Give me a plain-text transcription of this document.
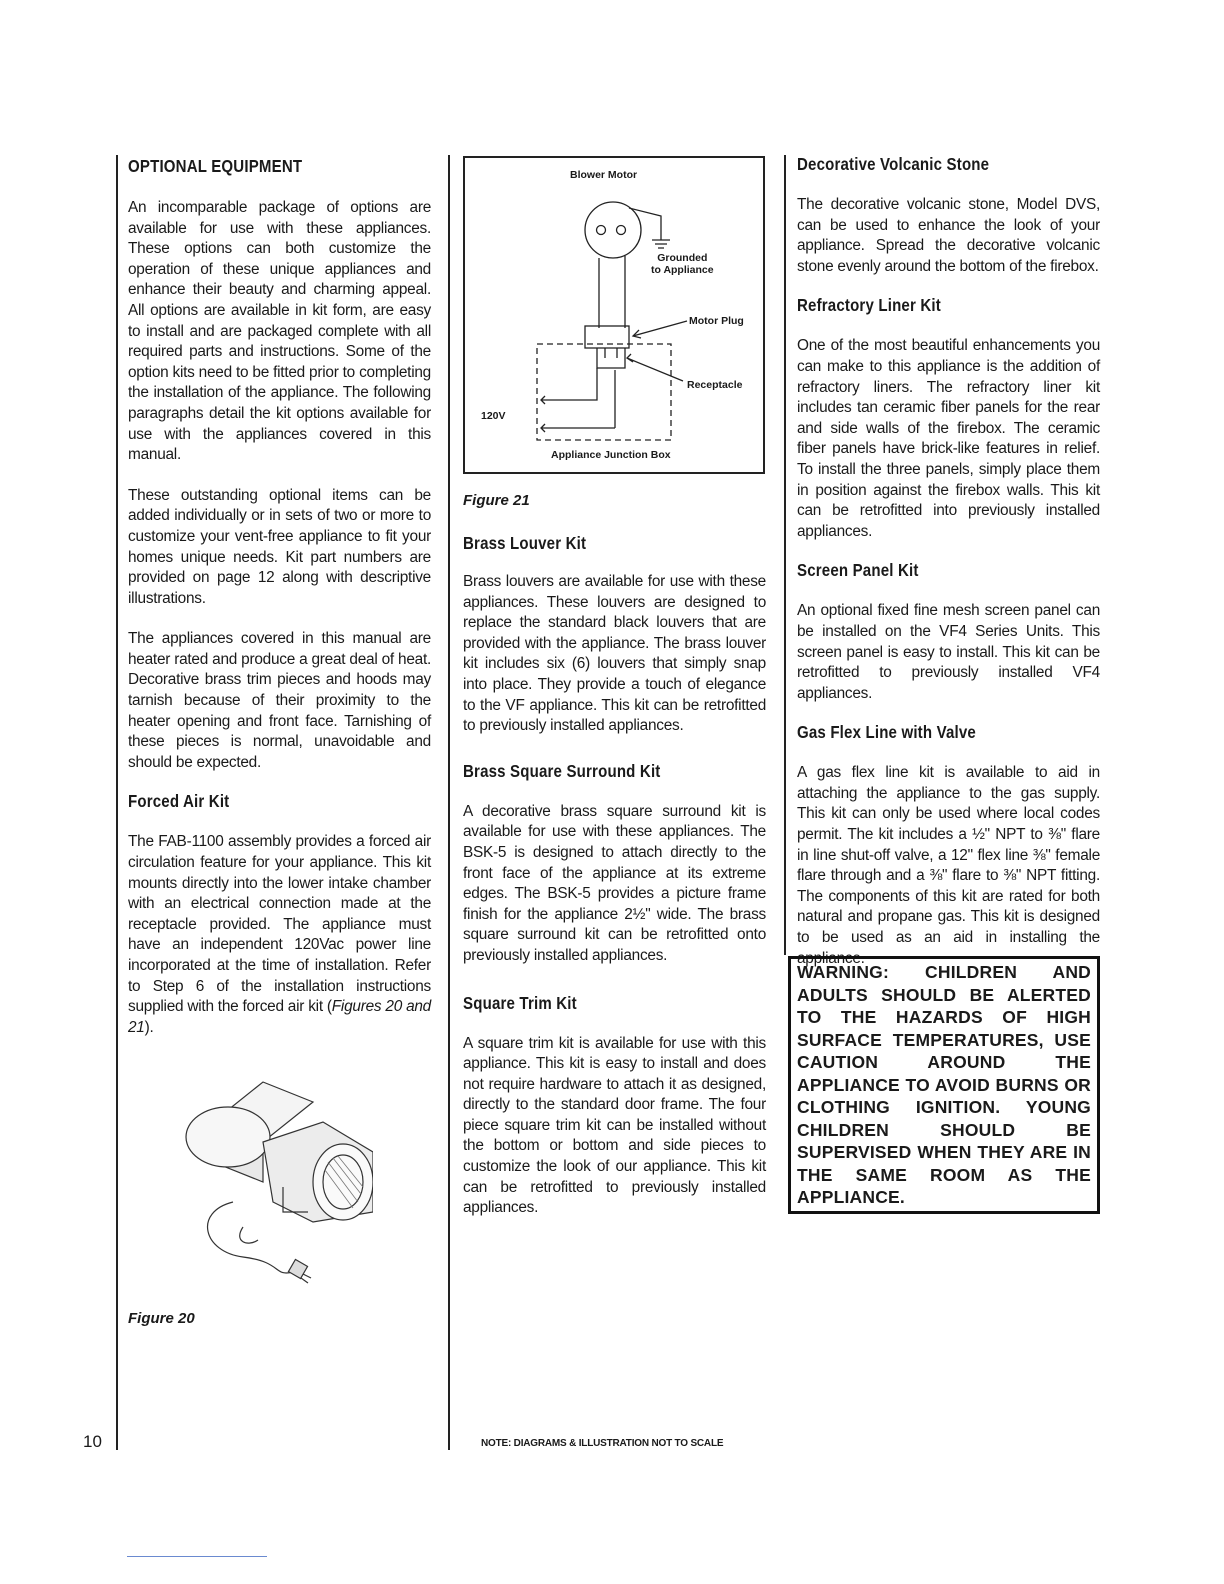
OPTIONAL EQUIPMENT

An incomparable package of options are available for use with these appliances. These options can both customize the operation of these unique appliances and enhance their beauty and charming appeal. All options are available in kit form, are easy to install and are packaged complete with all required parts and instructions. Some of the option kits need to be fitted prior to completing the installation of the appliance. The following paragraphs detail the kit options available for use with the appliances covered in this manual.

These outstanding optional items can be added individually or in sets of two or more to customize your vent-free appliance to fit your homes unique needs. Kit part numbers are provided on page 12 along with descriptive illustrations.

The appliances covered in this manual are heater rated and produce a great deal of heat. Decorative brass trim pieces and hoods may tarnish because of their proximity to the heater opening and front face. Tarnishing of these pieces is normal, unavoidable and should be expected.

Forced Air Kit

The FAB-1100 assembly provides a forced air circulation feature for your appliance. This kit mounts directly into the lower intake chamber with an electrical connection made at the receptacle provided. The appliance must have an independent 120Vac power line incorporated at the time of installation. Refer to Step 6 of the installation instructions supplied with the forced air kit (Figures 20 and 21).

Figure 20

Blower Motor
Grounded
to Appliance
Motor Plug
Receptacle
120V
Appliance Junction Box

Figure 21

Brass Louver Kit

Brass louvers are available for use with these appliances. These louvers are designed to replace the standard black louvers that are provided with the appliance. The brass louver kit includes six (6) louvers that simply snap into place. They provide a touch of elegance to the VF appliance. This kit can be retrofitted to previously installed appliances.

Brass Square Surround Kit

A decorative brass square surround kit is available for use with these appliances. The BSK-5 is designed to attach directly to the front face of the appliance at its extreme edges. The BSK-5 provides a picture frame finish for the appliance 2½" wide. The brass square surround kit can be retrofitted onto previously installed appliances.

Square Trim Kit

A square trim kit is available for use with this appliance. This kit is easy to install and does not require hardware to attach it as designed, directly to the standard door frame. The four piece square trim kit can be installed without the bottom or bottom and side pieces to customize the look of our appliance. This kit can be retrofitted to previously installed appliances.

Decorative Volcanic Stone

The decorative volcanic stone, Model DVS, can be used to enhance the look of your appliance. Spread the decorative volcanic stone evenly around the bottom of the firebox.

Refractory Liner Kit

One of the most beautiful enhancements you can make to this appliance is the addition of refractory liners. The refractory liner kit includes tan ceramic fiber panels for the rear and side walls of the firebox. The ceramic fiber panels have brick-like features in relief. To install the three panels, simply place them in position against the firebox walls. This kit can be retrofitted into previously installed appliances.

Screen Panel Kit

An optional fixed fine mesh screen panel can be installed on the VF4 Series Units. This screen panel is easy to install. This kit can be retrofitted to previously installed VF4 appliances.

Gas Flex Line with Valve

A gas flex line kit is available to aid in attaching the appliance to the gas supply. This kit can only be used where local codes permit. The kit includes a ½" NPT to ⅜" flare in line shut-off valve, a 12" flex line ⅜" female flare through and a ⅜" flare to ⅜" NPT fitting. The components of this kit are rated for both natural and propane gas. This kit is designed to be used as an aid in installing the appliance.

WARNING: CHILDREN AND ADULTS SHOULD BE ALERTED TO THE HAZARDS OF HIGH SURFACE TEMPERATURES, USE CAUTION AROUND THE APPLIANCE TO AVOID BURNS OR CLOTHING IGNITION. YOUNG CHILDREN SHOULD BE SUPERVISED WHEN THEY ARE IN THE SAME ROOM AS THE APPLIANCE.
10	NOTE: DIAGRAMS & ILLUSTRATION NOT TO SCALE
